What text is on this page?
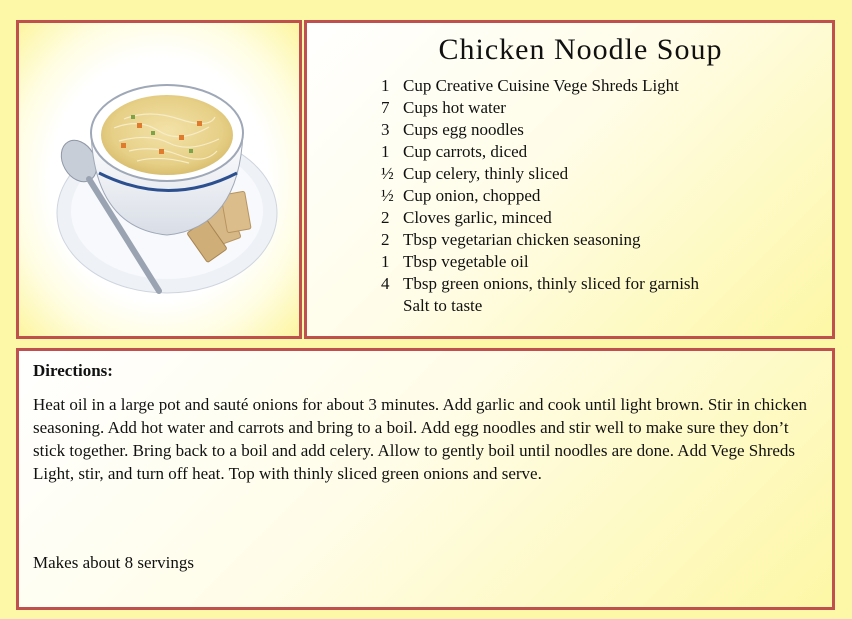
Chicken Noodle Soup
1 Cup Creative Cuisine Vege Shreds Light
7 Cups hot water
3 Cups egg noodles
1 Cup carrots, diced
½ Cup celery, thinly sliced
½ Cup onion, chopped
2 Cloves garlic, minced
2 Tbsp vegetarian chicken seasoning
1 Tbsp vegetable oil
4 Tbsp green onions, thinly sliced for garnish
Salt to taste
Directions:

Heat oil in a large pot and sauté onions for about 3 minutes. Add garlic and cook until light brown. Stir in chicken seasoning. Add hot water and carrots and bring to a boil. Add egg noodles and stir well to make sure they don’t stick together. Bring back to a boil and add celery. Allow to gently boil until noodles are done. Add Vege Shreds Light, stir, and turn off heat. Top with thinly sliced green onions and serve.

Makes about 8 servings
